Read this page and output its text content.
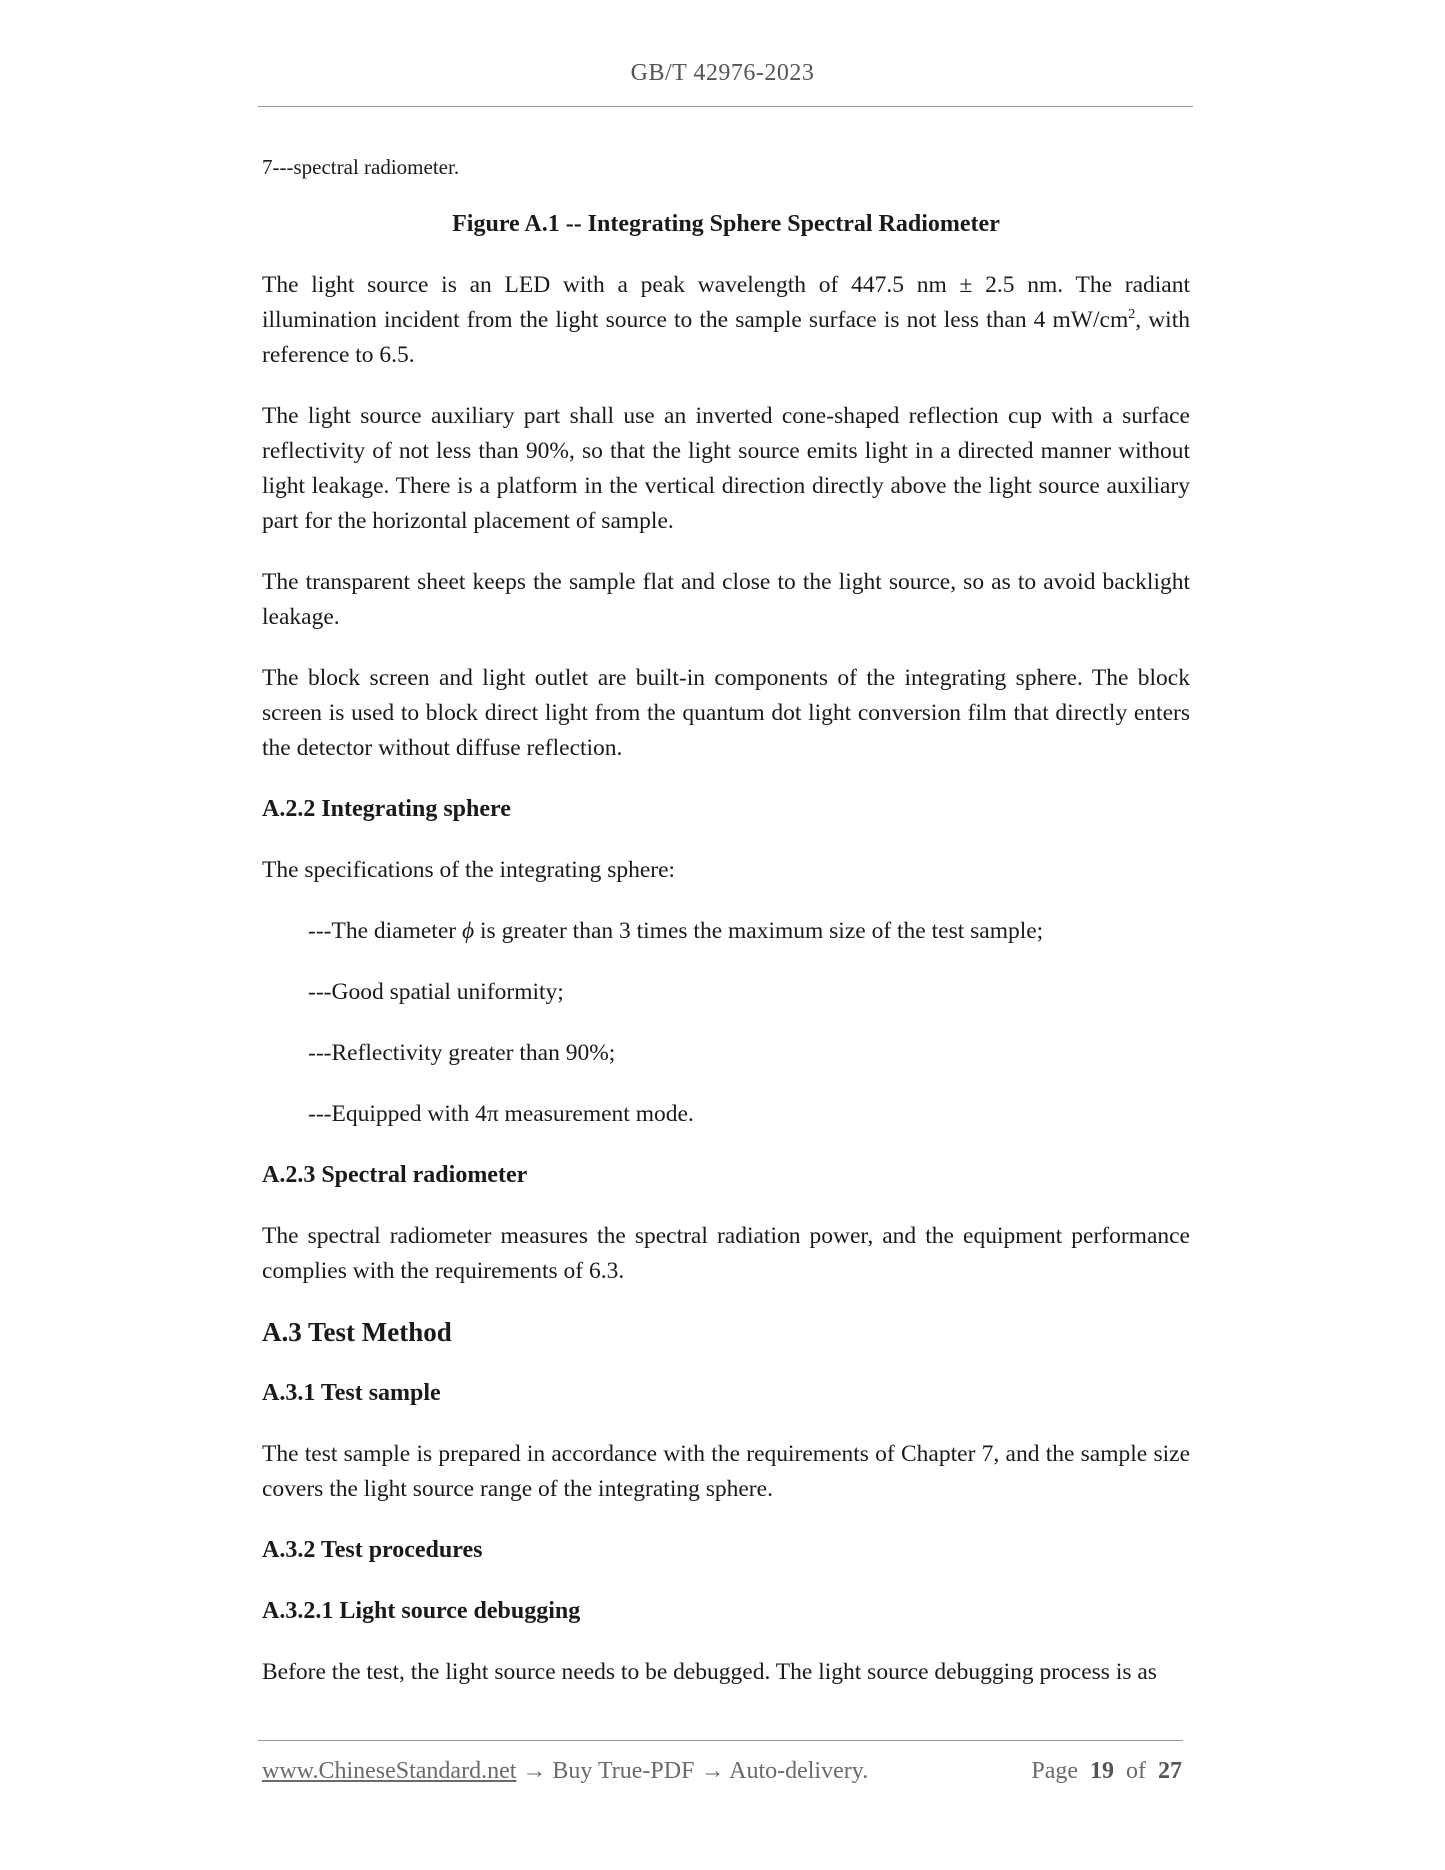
GB/T 42976-2023

7---spectral radiometer.

Figure A.1 -- Integrating Sphere Spectral Radiometer

The light source is an LED with a peak wavelength of 447.5 nm ± 2.5 nm. The radiant illumination incident from the light source to the sample surface is not less than 4 $mW/cm^2$, with reference to 6.5.

The light source auxiliary part shall use an inverted cone-shaped reflection cup with a surface reflectivity of not less than 90%, so that the light source emits light in a directed manner without light leakage. There is a platform in the vertical direction directly above the light source auxiliary part for the horizontal placement of sample.

The transparent sheet keeps the sample flat and close to the light source, so as to avoid backlight leakage.

The block screen and light outlet are built-in components of the integrating sphere. The block screen is used to block direct light from the quantum dot light conversion film that directly enters the detector without diffuse reflection.

A.2.2 Integrating sphere

The specifications of the integrating sphere:

---The diameter ϕ is greater than 3 times the maximum size of the test sample;

---Good spatial uniformity;

---Reflectivity greater than 90%;

---Equipped with 4π measurement mode.

A.2.3 Spectral radiometer

The spectral radiometer measures the spectral radiation power, and the equipment performance complies with the requirements of 6.3.

A.3 Test Method

A.3.1 Test sample

The test sample is prepared in accordance with the requirements of Chapter 7, and the sample size covers the light source range of the integrating sphere.

A.3.2 Test procedures

A.3.2.1 Light source debugging

Before the test, the light source needs to be debugged. The light source debugging process is as

www.ChineseStandard.net → Buy True-PDF → Auto-delivery.	Page 19 of 27
